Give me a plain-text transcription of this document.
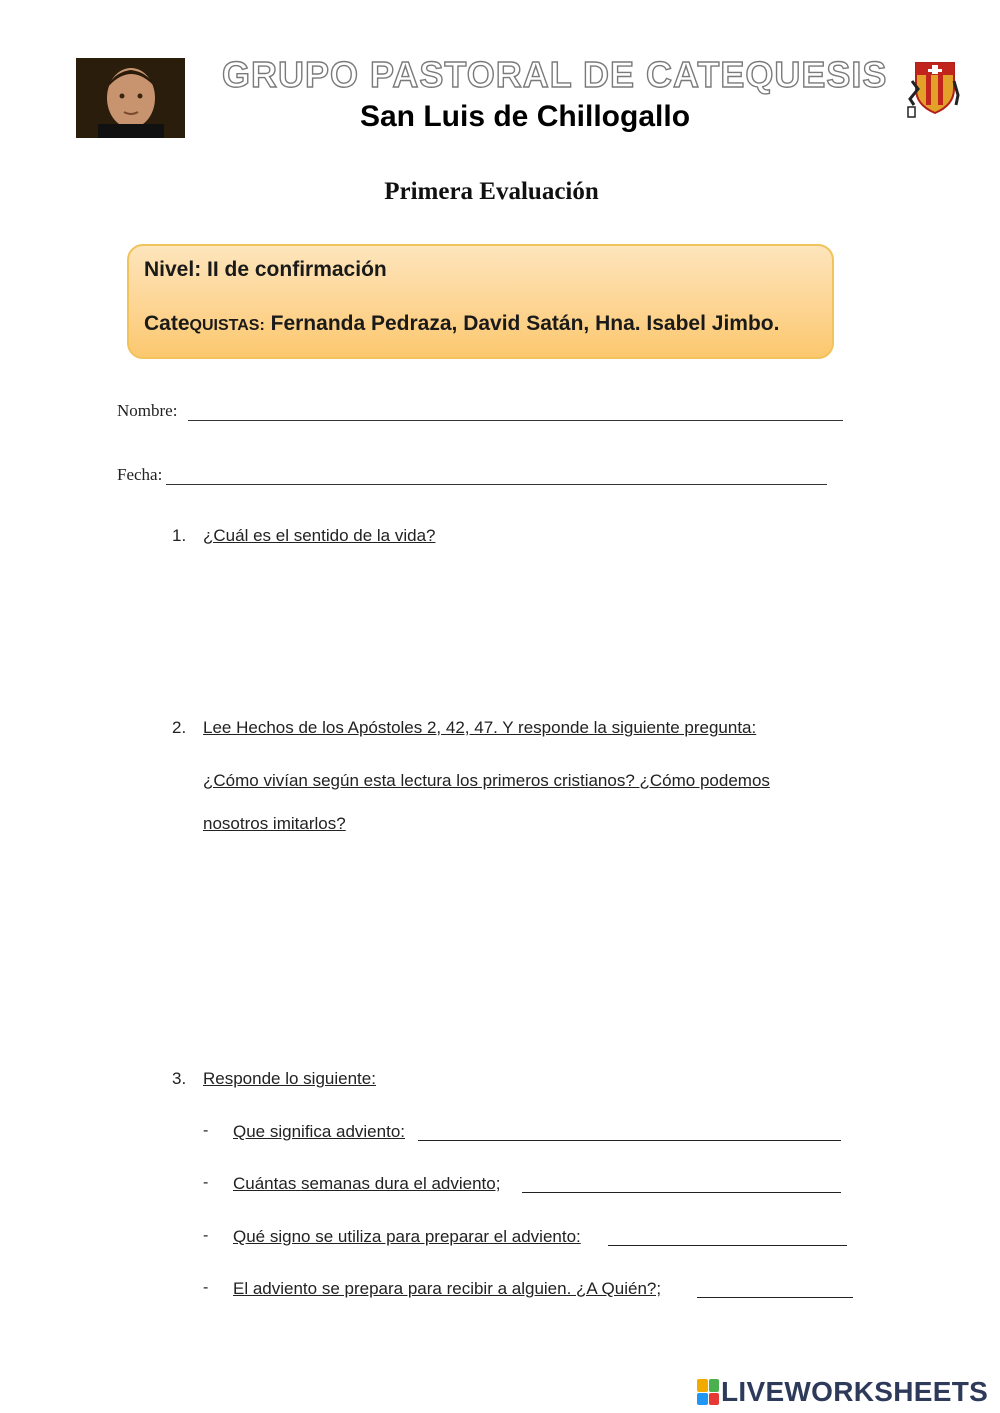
GRUPO PASTORAL DE CATEQUESIS
San Luis de Chillogallo
Primera Evaluación
Nivel: II de confirmación
CateQUISTAS: Fernanda Pedraza, David Satán, Hna. Isabel Jimbo.
Nombre:
Fecha:
1. ¿Cuál es el sentido de la vida?
2. Lee Hechos de los Apóstoles 2, 42, 47. Y responde la siguiente pregunta:
¿Cómo vivían según esta lectura los primeros cristianos? ¿Cómo podemos
nosotros imitarlos?
3. Responde lo siguiente:
- Que significa adviento:
- Cuántas semanas dura el adviento;
- Qué signo se utiliza para preparar el adviento:
- El adviento se prepara para recibir a alguien. ¿A Quién?;
LIVEWORKSHEETS
